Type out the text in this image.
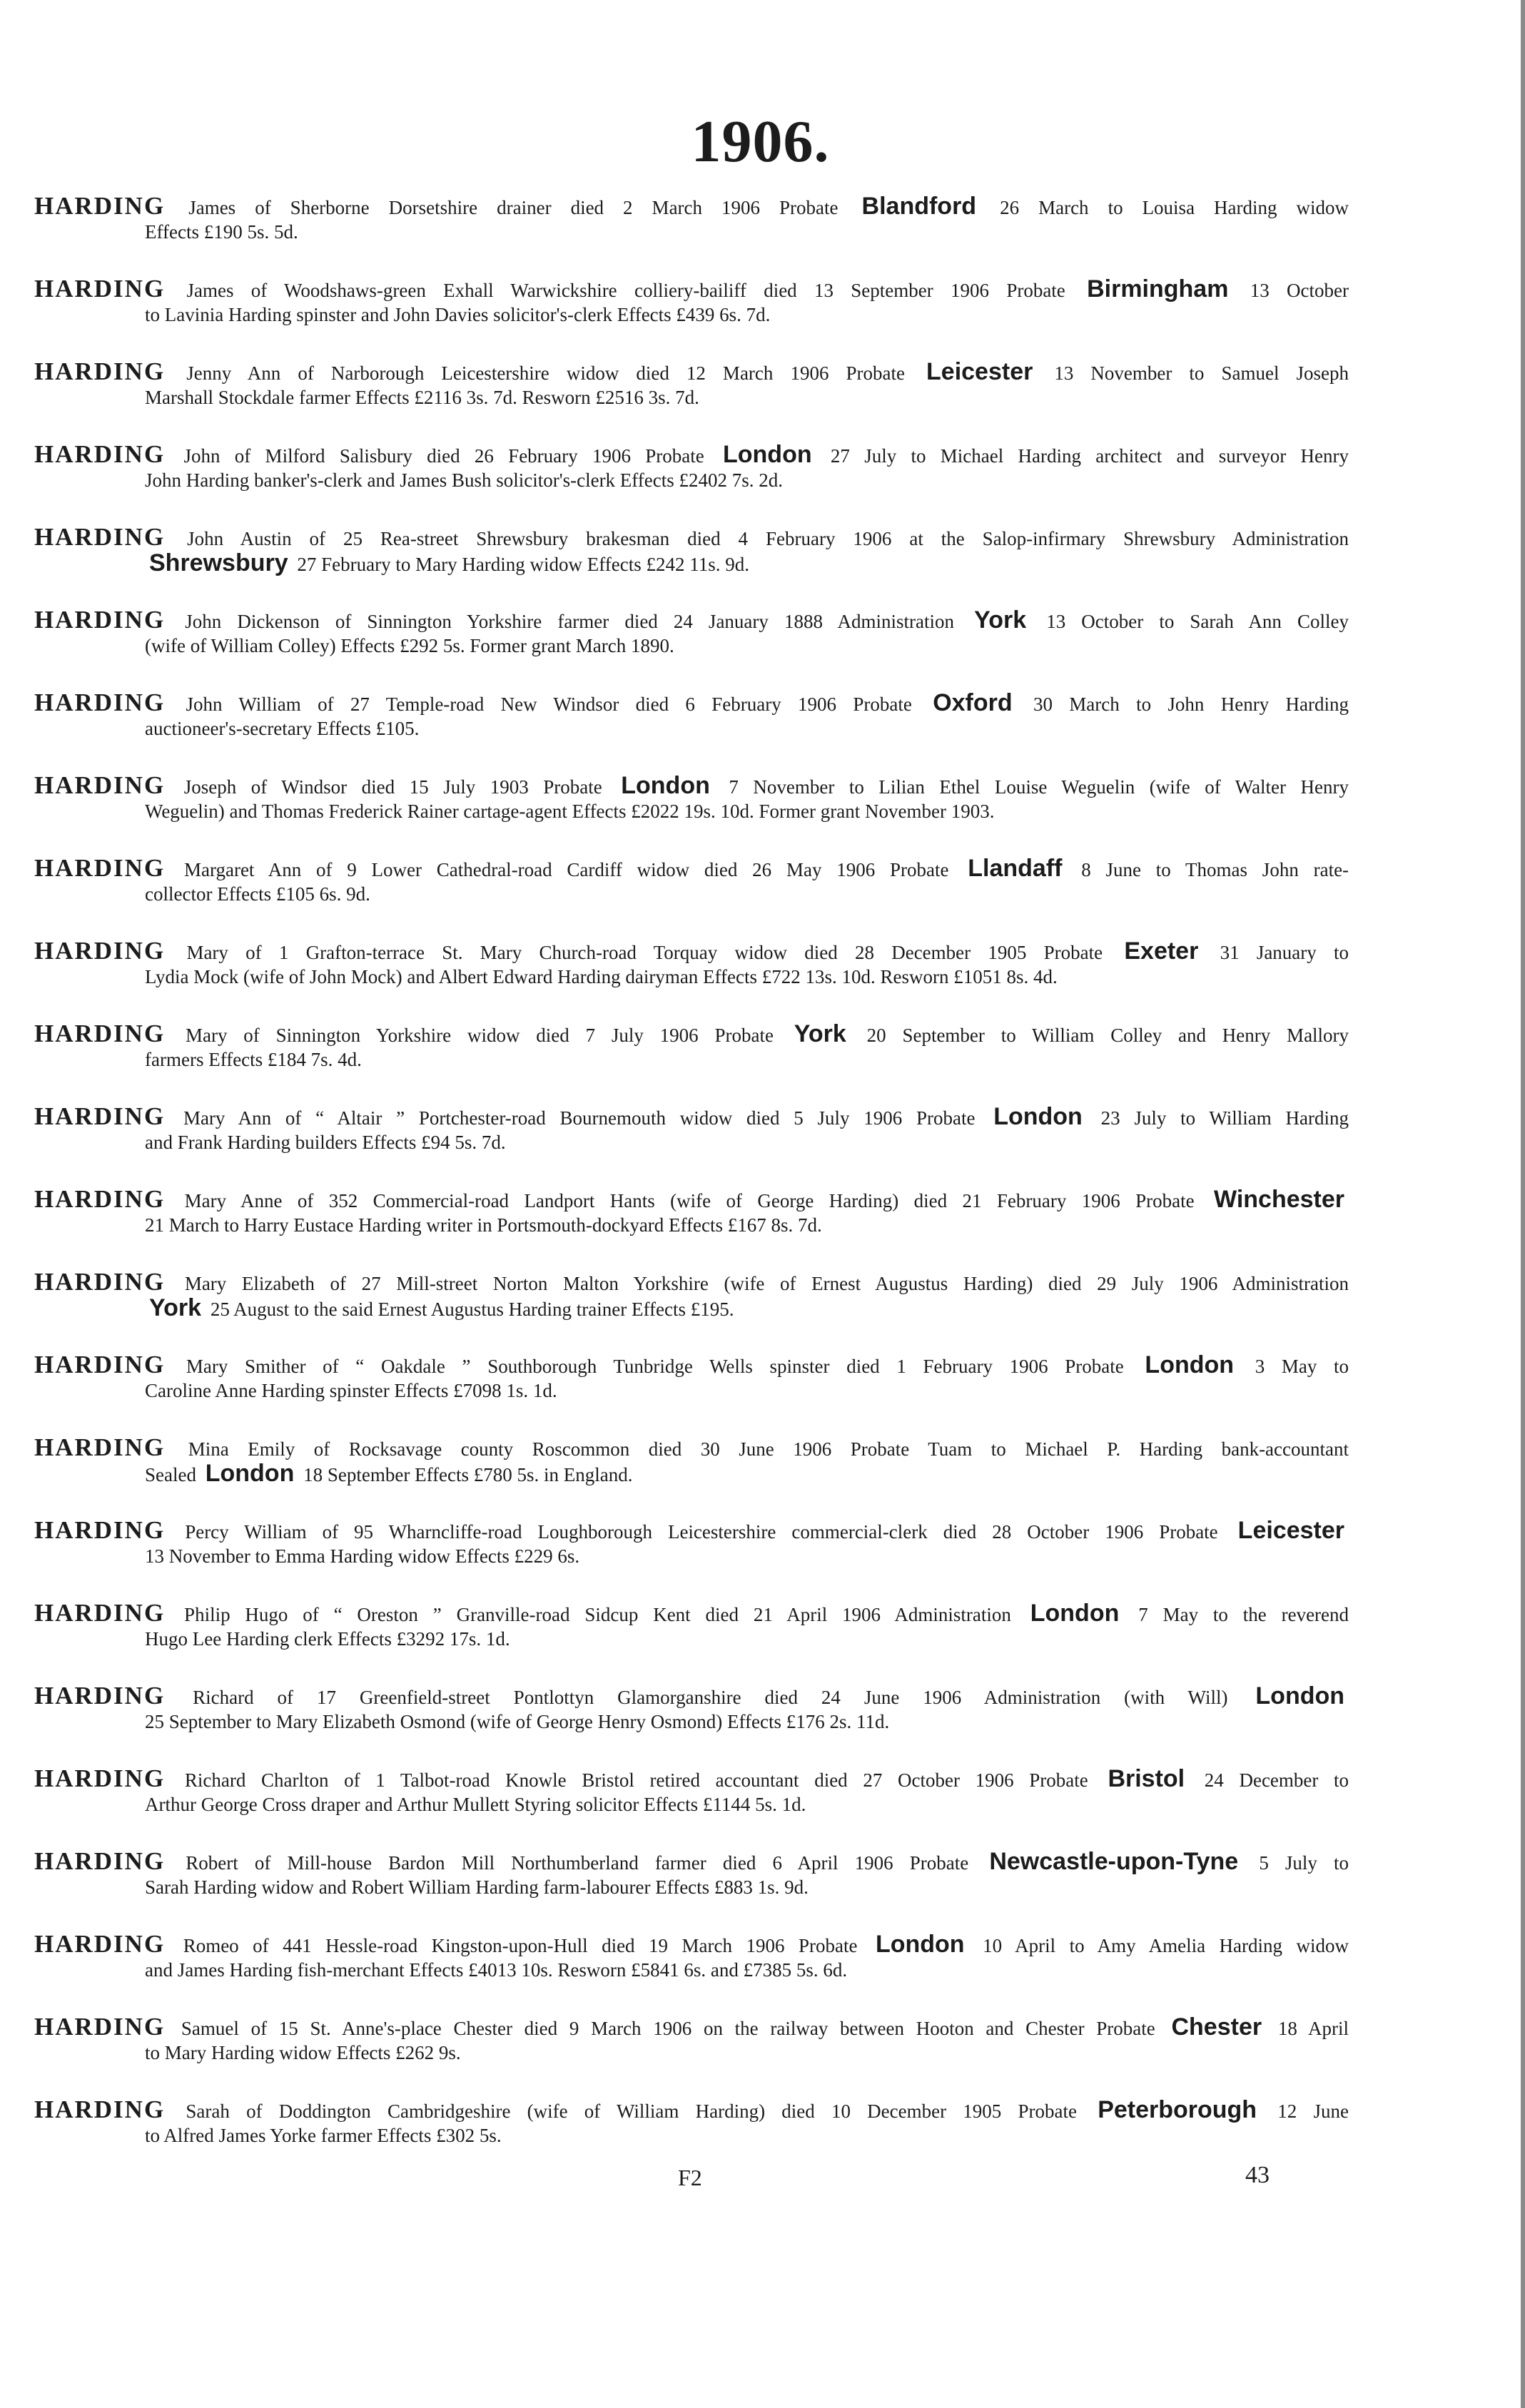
1906.
HARDING James of Sherborne Dorsetshire drainer died 2 March 1906 Probate Blandford 26 March to Louisa Harding widow
Effects £190 5s. 5d.
HARDING James of Woodshaws-green Exhall Warwickshire colliery-bailiff died 13 September 1906 Probate Birmingham 13 October
to Lavinia Harding spinster and John Davies solicitor's-clerk Effects £439 6s. 7d.
HARDING Jenny Ann of Narborough Leicestershire widow died 12 March 1906 Probate Leicester 13 November to Samuel Joseph
Marshall Stockdale farmer Effects £2116 3s. 7d. Resworn £2516 3s. 7d.
HARDING John of Milford Salisbury died 26 February 1906 Probate London 27 July to Michael Harding architect and surveyor Henry
John Harding banker's-clerk and James Bush solicitor's-clerk Effects £2402 7s. 2d.
HARDING John Austin of 25 Rea-street Shrewsbury brakesman died 4 February 1906 at the Salop-infirmary Shrewsbury Administration
Shrewsbury 27 February to Mary Harding widow Effects £242 11s. 9d.
HARDING John Dickenson of Sinnington Yorkshire farmer died 24 January 1888 Administration York 13 October to Sarah Ann Colley
(wife of William Colley) Effects £292 5s. Former grant March 1890.
HARDING John William of 27 Temple-road New Windsor died 6 February 1906 Probate Oxford 30 March to John Henry Harding
auctioneer's-secretary Effects £105.
HARDING Joseph of Windsor died 15 July 1903 Probate London 7 November to Lilian Ethel Louise Weguelin (wife of Walter Henry
Weguelin) and Thomas Frederick Rainer cartage-agent Effects £2022 19s. 10d. Former grant November 1903.
HARDING Margaret Ann of 9 Lower Cathedral-road Cardiff widow died 26 May 1906 Probate Llandaff 8 June to Thomas John rate-
collector Effects £105 6s. 9d.
HARDING Mary of 1 Grafton-terrace St. Mary Church-road Torquay widow died 28 December 1905 Probate Exeter 31 January to
Lydia Mock (wife of John Mock) and Albert Edward Harding dairyman Effects £722 13s. 10d. Resworn £1051 8s. 4d.
HARDING Mary of Sinnington Yorkshire widow died 7 July 1906 Probate York 20 September to William Colley and Henry Mallory
farmers Effects £184 7s. 4d.
HARDING Mary Ann of “ Altair ” Portchester-road Bournemouth widow died 5 July 1906 Probate London 23 July to William Harding
and Frank Harding builders Effects £94 5s. 7d.
HARDING Mary Anne of 352 Commercial-road Landport Hants (wife of George Harding) died 21 February 1906 Probate Winchester
21 March to Harry Eustace Harding writer in Portsmouth-dockyard Effects £167 8s. 7d.
HARDING Mary Elizabeth of 27 Mill-street Norton Malton Yorkshire (wife of Ernest Augustus Harding) died 29 July 1906 Administration
York 25 August to the said Ernest Augustus Harding trainer Effects £195.
HARDING Mary Smither of “ Oakdale ” Southborough Tunbridge Wells spinster died 1 February 1906 Probate London 3 May to
Caroline Anne Harding spinster Effects £7098 1s. 1d.
HARDING Mina Emily of Rocksavage county Roscommon died 30 June 1906 Probate Tuam to Michael P. Harding bank-accountant
Sealed London 18 September Effects £780 5s. in England.
HARDING Percy William of 95 Wharncliffe-road Loughborough Leicestershire commercial-clerk died 28 October 1906 Probate Leicester
13 November to Emma Harding widow Effects £229 6s.
HARDING Philip Hugo of “ Oreston ” Granville-road Sidcup Kent died 21 April 1906 Administration London 7 May to the reverend
Hugo Lee Harding clerk Effects £3292 17s. 1d.
HARDING Richard of 17 Greenfield-street Pontlottyn Glamorganshire died 24 June 1906 Administration (with Will) London
25 September to Mary Elizabeth Osmond (wife of George Henry Osmond) Effects £176 2s. 11d.
HARDING Richard Charlton of 1 Talbot-road Knowle Bristol retired accountant died 27 October 1906 Probate Bristol 24 December to
Arthur George Cross draper and Arthur Mullett Styring solicitor Effects £1144 5s. 1d.
HARDING Robert of Mill-house Bardon Mill Northumberland farmer died 6 April 1906 Probate Newcastle-upon-Tyne 5 July to
Sarah Harding widow and Robert William Harding farm-labourer Effects £883 1s. 9d.
HARDING Romeo of 441 Hessle-road Kingston-upon-Hull died 19 March 1906 Probate London 10 April to Amy Amelia Harding widow
and James Harding fish-merchant Effects £4013 10s. Resworn £5841 6s. and £7385 5s. 6d.
HARDING Samuel of 15 St. Anne's-place Chester died 9 March 1906 on the railway between Hooton and Chester Probate Chester 18 April
to Mary Harding widow Effects £262 9s.
HARDING Sarah of Doddington Cambridgeshire (wife of William Harding) died 10 December 1905 Probate Peterborough 12 June
to Alfred James Yorke farmer Effects £302 5s.
F2	43
